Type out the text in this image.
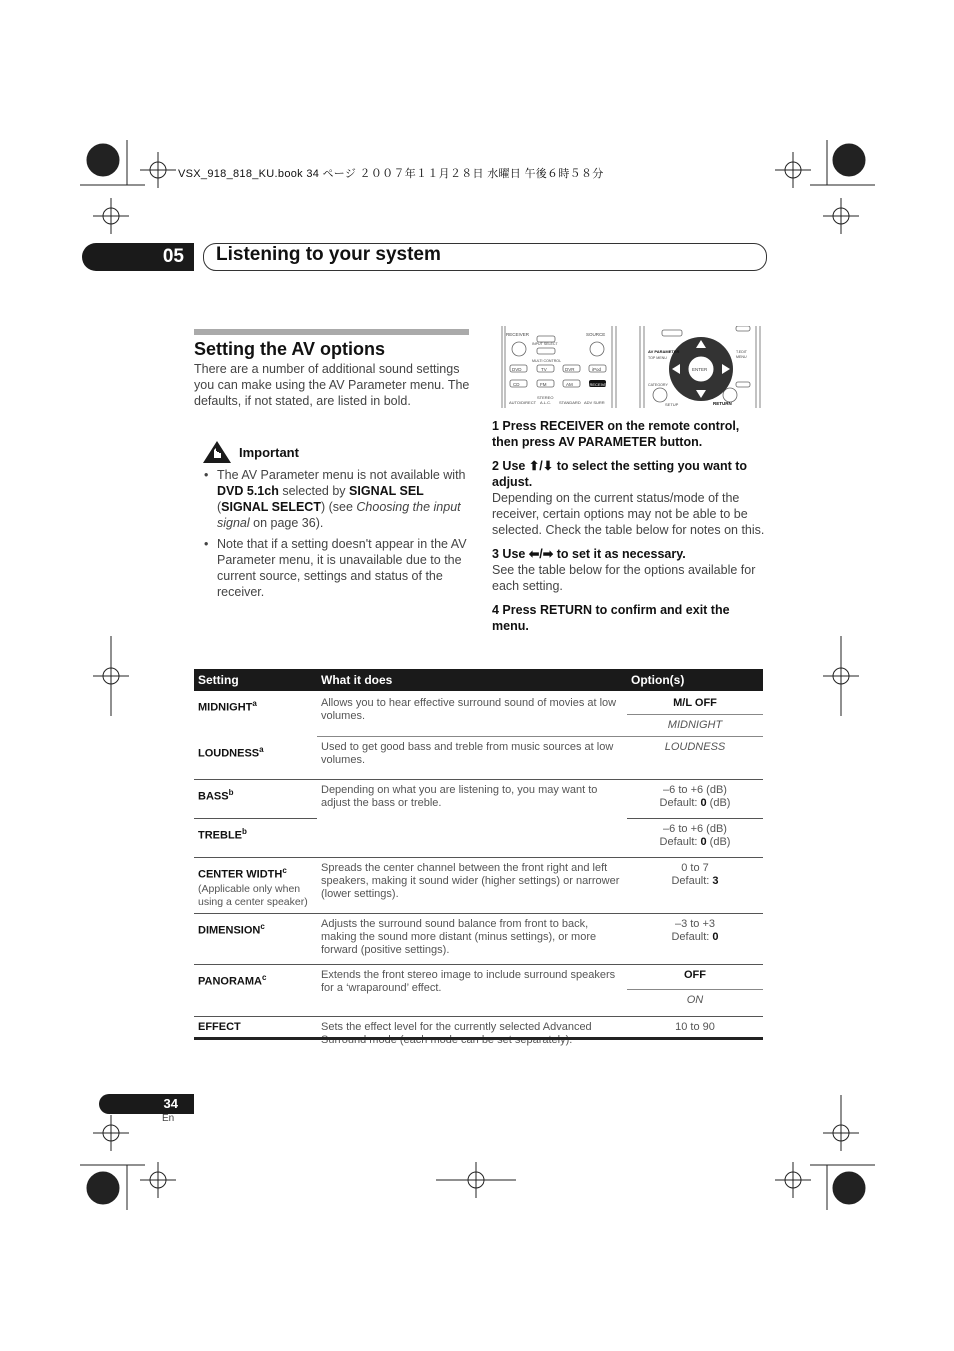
VSX_918_818_KU.book 34 ページ ２００７年１１月２８日 水曜日 午後６時５８分
05 Listening to your system
Setting the AV options
There are a number of additional sound settings you can make using the AV Parameter menu. The defaults, if not stated, are listed in bold.
Important
• The AV Parameter menu is not available with DVD 5.1ch selected by SIGNAL SEL (SIGNAL SELECT) (see Choosing the input signal on page 36).
• Note that if a setting doesn't appear in the AV Parameter menu, it is unavailable due to the current source, settings and status of the receiver.
RECEIVER	SOURCE
INPUT SELECT
MULTI CONTROL
DVD	TV	DVR	iPod
CD	FM	AM	RECEIVER
AUTO/DIRECT
STEREO
A.L.C. STANDARD ADV SURR
AV PARAMETER
TOP MENU
T.EDIT
MENU
ENTER
CATEGORY
SETUP	RETURN

1 Press RECEIVER on the remote control, then press AV PARAMETER button.

2 Use ⬆/⬇ to select the setting you want to adjust.

Depending on the current status/mode of the receiver, certain options may not be able to be selected. Check the table below for notes on this.

3 Use ⬅/➡ to set it as necessary.

See the table below for the options available for each setting.

4 Press RETURN to confirm and exit the menu.

Setting	What it does	Option(s)
MIDNIGHT$^a$	Allows you to hear effective surround sound of movies at low volumes.	M/L OFF
		MIDNIGHT
LOUDNESS$^a$	Used to get good bass and treble from music sources at low volumes.	LOUDNESS
BASS$^b$	Depending on what you are listening to, you may want to adjust the bass or treble.	–6 to +6 (dB)
Default: 0 (dB)
TREBLE$^b$		–6 to +6 (dB)
Default: 0 (dB)
CENTER WIDTH$^c$
(Applicable only when using a center speaker)	Spreads the center channel between the front right and left speakers, making it sound wider (higher settings) or narrower (lower settings).	0 to 7
Default: 3
DIMENSION$^c$	Adjusts the surround sound balance from front to back, making the sound more distant (minus settings), or more forward (positive settings).	–3 to +3
Default: 0
PANORAMA$^c$	Extends the front stereo image to include surround speakers for a ‘wraparound’ effect.	OFF
		ON
EFFECT	Sets the effect level for the currently selected Advanced	10 to 90
34
En
